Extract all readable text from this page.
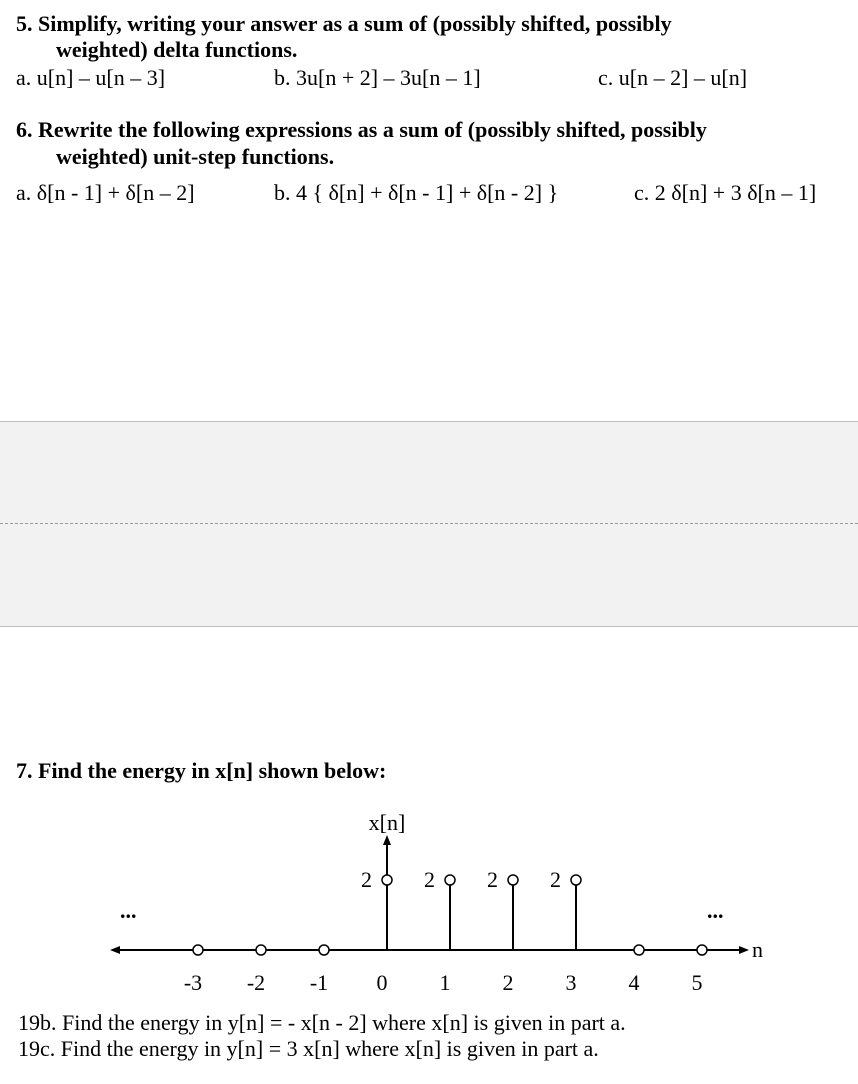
5. Simplify, writing your answer as a sum of (possibly shifted, possibly
weighted) delta functions.
a. u[n] – u[n – 3]	b. 3u[n + 2] – 3u[n – 1]	c. u[n – 2] – u[n]
6. Rewrite the following expressions as a sum of (possibly shifted, possibly
weighted) unit-step functions.
a. δ[n - 1] + δ[n – 2]	b. 4 { δ[n] + δ[n - 1] + δ[n - 2] }	c. 2 δ[n] + 3 δ[n – 1]
7. Find the energy in x[n] shown below:
x[n]
n
...	...
2 2 2 2
-3 -2 -1 0 1 2 3 4 5
19b. Find the energy in y[n] = - x[n - 2] where x[n] is given in part a.
19c. Find the energy in y[n] = 3 x[n] where x[n] is given in part a.
